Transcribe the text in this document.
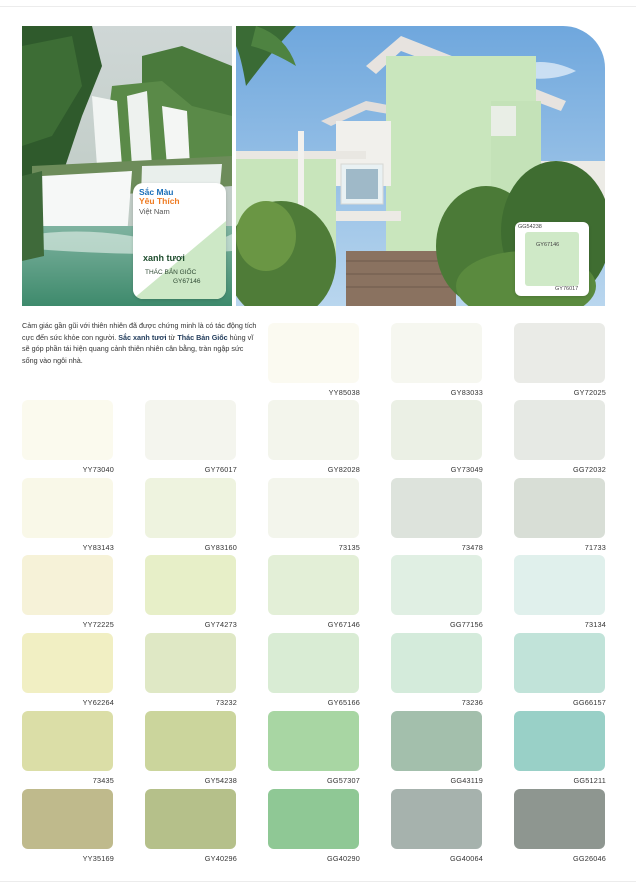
Sắc Màu
Yêu Thích
Việt Nam
xanh tươi
THÁC BẢN GIỐC
GY67146
GG54238
GY67146
GY76017
Cảm giác gần gũi với thiên nhiên đã được chứng minh là có tác động tích cực đến sức khỏe con người. Sắc xanh tươi từ Thác Bản Giốc hùng vĩ sẽ góp phần tái hiện quang cảnh thiên nhiên cân bằng, tràn ngập sức sống vào ngôi nhà.
YY85038	GY83033	GY72025
YY73040	GY76017	GY82028	GY73049	GG72032
YY83143	GY83160	73135	73478	71733
YY72225	GY74273	GY67146	GG77156	73134
YY62264	73232	GY65166	73236	GG66157
73435	GY54238	GG57307	GG43119	GG51211
YY35169	GY40296	GG40290	GG40064	GG26046
